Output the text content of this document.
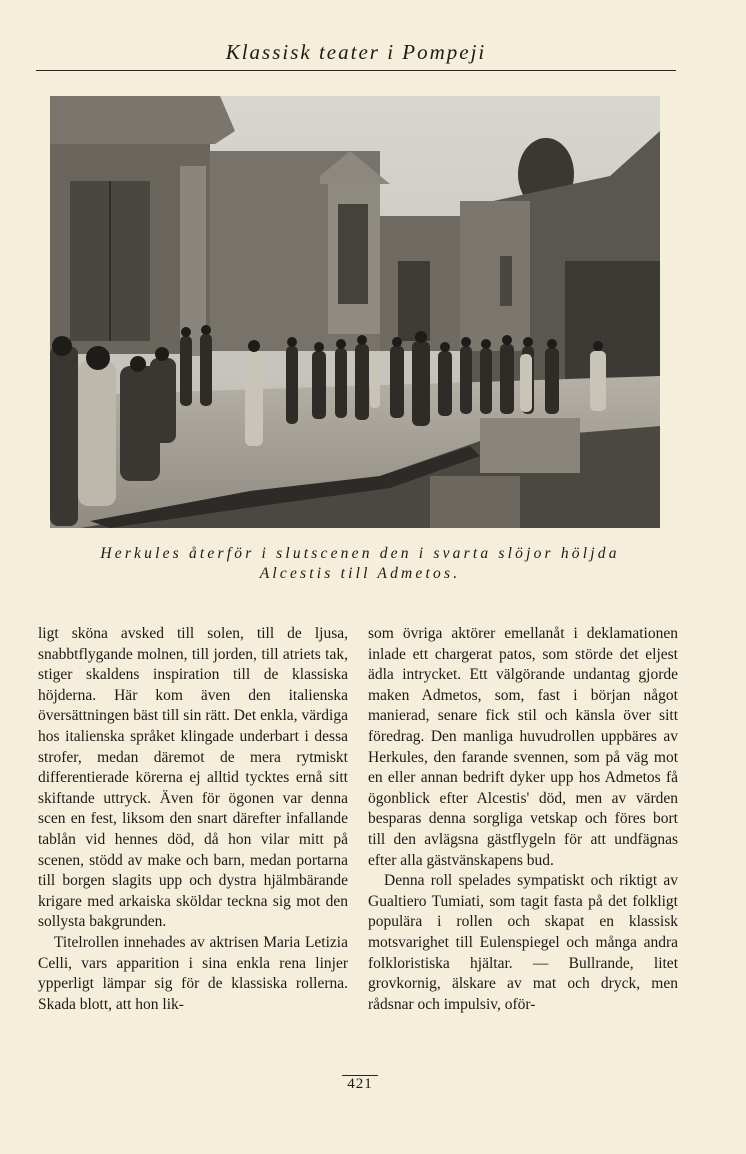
Klassisk teater i Pompeji
Herkules återför i slutscenen den i svarta slöjor höljda
Alcestis till Admetos.

ligt sköna avsked till solen, till de ljusa, snabbtflygande molnen, till jorden, till atriets tak, stiger skaldens inspiration till de klassiska höjderna. Här kom även den italienska översättningen bäst till sin rätt. Det enkla, värdiga hos italienska språket klingade underbart i dessa strofer, medan däremot de mera rytmiskt differentierade körerna ej alltid tycktes ernå sitt skiftande uttryck. Även för ögonen var denna scen en fest, liksom den snart därefter infallande tablån vid hennes död, då hon vilar mitt på scenen, stödd av make och barn, medan portarna till borgen slagits upp och dystra hjälmbärande krigare med arkaiska sköldar teckna sig mot den sollysta bakgrunden.

Titelrollen innehades av aktrisen Maria Letizia Celli, vars apparition i sina enkla rena linjer ypperligt lämpar sig för de klassiska rollerna. Skada blott, att hon lik-

som övriga aktörer emellanåt i deklamationen inlade ett chargerat patos, som störde det eljest ädla intrycket. Ett välgörande undantag gjorde maken Admetos, som, fast i början något manierad, senare fick stil och känsla över sitt föredrag. Den manliga huvudrollen uppbäres av Herkules, den farande svennen, som på väg mot en eller annan bedrift dyker upp hos Admetos få ögonblick efter Alcestis' död, men av värden besparas denna sorgliga vetskap och föres bort till den avlägsna gästflygeln för att undfägnas efter alla gästvänskapens bud.

Denna roll spelades sympatiskt och riktigt av Gualtiero Tumiati, som tagit fasta på det folkligt populära i rollen och skapat en klassisk motsvarighet till Eulenspiegel och många andra folkloristiska hjältar. — Bullrande, litet grovkornig, älskare av mat och dryck, men rådsnar och impulsiv, oför-

421
